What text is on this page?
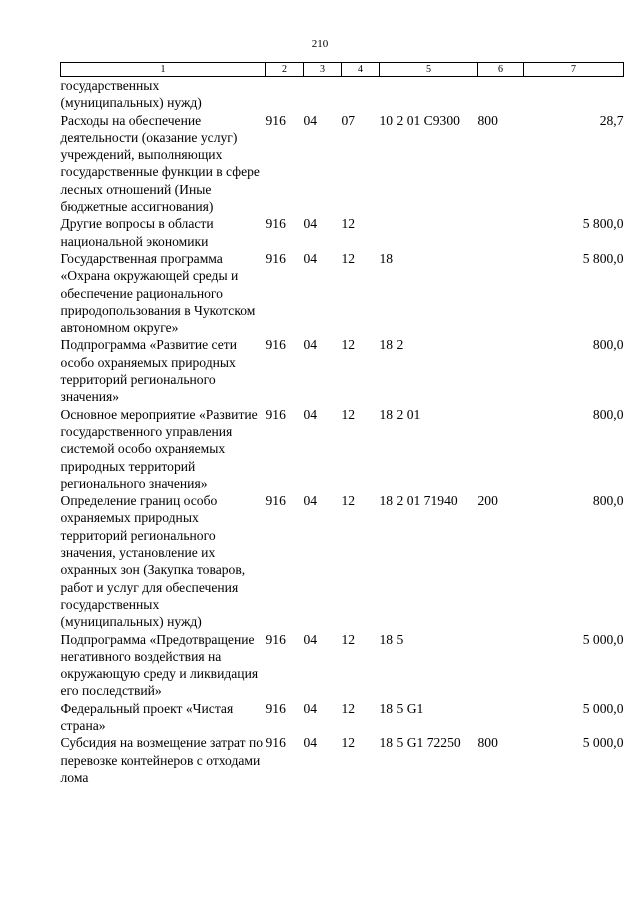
210
1	2	3	4	5	6	7
государственных (муниципальных) нужд)						
Расходы на обеспечение деятельности (оказание услуг) учреждений, выполняющих государственные функции в сфере лесных отношений (Иные бюджетные ассигнования)	916	04	07	10 2 01 С9300	800	28,7
Другие вопросы в области национальной экономики	916	04	12			5 800,0
Государственная программа «Охрана окружающей среды и обеспечение рационального природопользования в Чукотском автономном округе»	916	04	12	18		5 800,0
Подпрограмма «Развитие сети особо охраняемых природных территорий регионального значения»	916	04	12	18 2		800,0
Основное мероприятие «Развитие государственного управления системой особо охраняемых природных территорий регионального значения»	916	04	12	18 2 01		800,0
Определение границ особо охраняемых природных территорий регионального значения, установление их охранных зон (Закупка товаров, работ и услуг для обеспечения государственных (муниципальных) нужд)	916	04	12	18 2 01 71940	200	800,0
Подпрограмма «Предотвращение негативного воздействия на окружающую среду и ликвидация его последствий»	916	04	12	18 5		5 000,0
Федеральный проект «Чистая страна»	916	04	12	18 5 G1		5 000,0
Субсидия на возмещение затрат по перевозке контейнеров с отходами лома	916	04	12	18 5 G1 72250	800	5 000,0
